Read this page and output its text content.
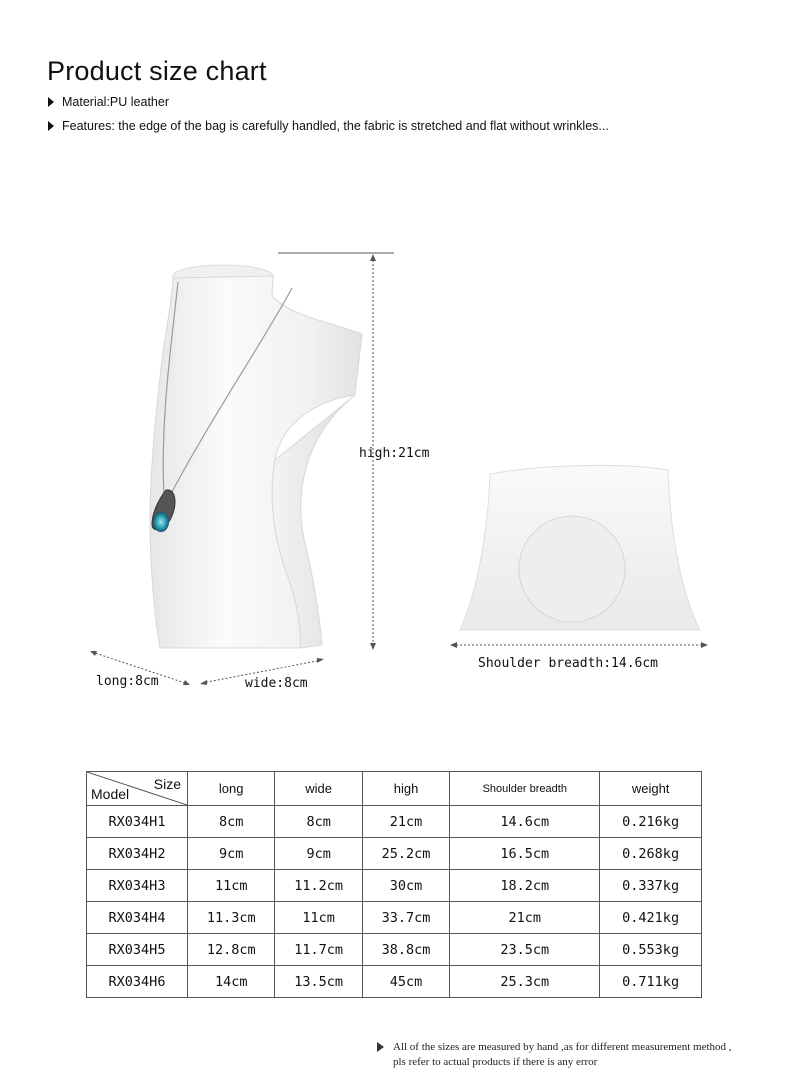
Product size chart
Material:PU leather
Features: the edge of the bag is carefully handled, the fabric is stretched and flat without wrinkles...
high:21cm
long:8cm	wide:8cm
Shoulder breadth:14.6cm
Size
Model	long	wide	high	Shoulder breadth	weight
RX034H1	8cm	8cm	21cm	14.6cm	0.216kg
RX034H2	9cm	9cm	25.2cm	16.5cm	0.268kg
RX034H3	11cm	11.2cm	30cm	18.2cm	0.337kg
RX034H4	11.3cm	11cm	33.7cm	21cm	0.421kg
RX034H5	12.8cm	11.7cm	38.8cm	23.5cm	0.553kg
RX034H6	14cm	13.5cm	45cm	25.3cm	0.711kg
All of the sizes are measured by hand ,as for different measurement method ,
pls refer to actual products if there is any error
